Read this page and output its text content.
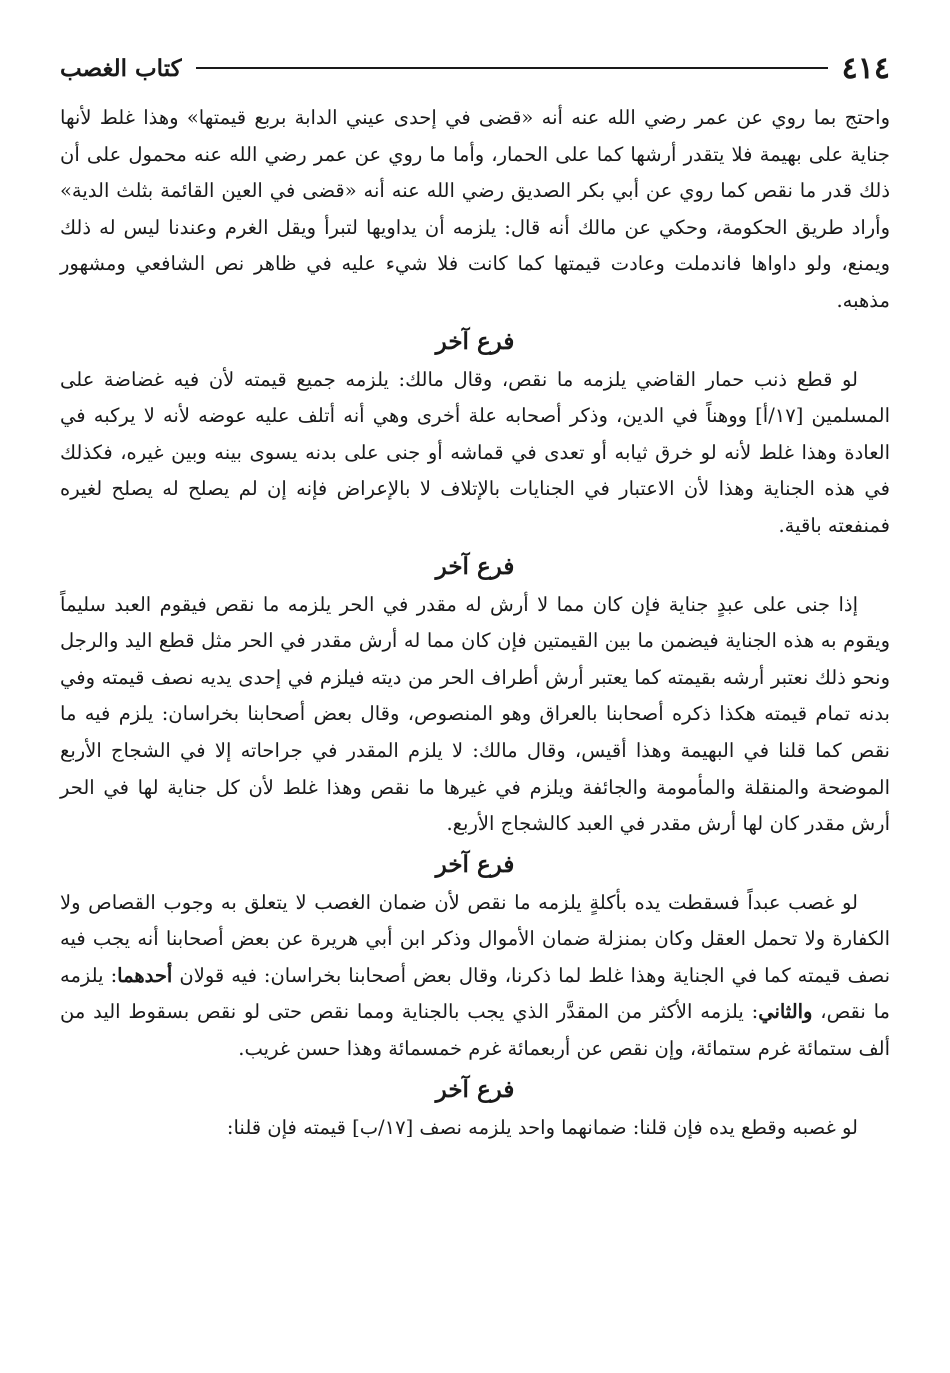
٤١٤
كتاب الغصب

واحتج بما روي عن عمر رضي الله عنه أنه «قضى في إحدى عيني الدابة بربع قيمتها» وهذا غلط لأنها جناية على بهيمة فلا يتقدر أرشها كما على الحمار، وأما ما روي عن عمر رضي الله عنه محمول على أن ذلك قدر ما نقص كما روي عن أبي بكر الصديق رضي الله عنه أنه «قضى في العين القائمة بثلث الدية» وأراد طريق الحكومة، وحكي عن مالك أنه قال: يلزمه أن يداويها لتبرأ ويقل الغرم وعندنا ليس له ذلك ويمنع، ولو داواها فاندملت وعادت قيمتها كما كانت فلا شيء عليه في ظاهر نص الشافعي ومشهور مذهبه.

فرع آخر

لو قطع ذنب حمار القاضي يلزمه ما نقص، وقال مالك: يلزمه جميع قيمته لأن فيه غضاضة على المسلمين [١٧/أ] ووهناً في الدين، وذكر أصحابه علة أخرى وهي أنه أتلف عليه عوضه لأنه لا يركبه في العادة وهذا غلط لأنه لو خرق ثيابه أو تعدى في قماشه أو جنى على بدنه يسوى بينه وبين غيره، فكذلك في هذه الجناية وهذا لأن الاعتبار في الجنايات بالإتلاف لا بالإعراض فإنه إن لم يصلح له يصلح لغيره فمنفعته باقية.

فرع آخر

إذا جنى على عبدٍ جناية فإن كان مما لا أرش له مقدر في الحر يلزمه ما نقص فيقوم العبد سليماً ويقوم به هذه الجناية فيضمن ما بين القيمتين فإن كان مما له أرش مقدر في الحر مثل قطع اليد والرجل ونحو ذلك نعتبر أرشه بقيمته كما يعتبر أرش أطراف الحر من ديته فيلزم في إحدى يديه نصف قيمته وفي بدنه تمام قيمته هكذا ذكره أصحابنا بالعراق وهو المنصوص، وقال بعض أصحابنا بخراسان: يلزم فيه ما نقص كما قلنا في البهيمة وهذا أقيس، وقال مالك: لا يلزم المقدر في جراحاته إلا في الشجاج الأربع الموضحة والمنقلة والمأمومة والجائفة ويلزم في غيرها ما نقص وهذا غلط لأن كل جناية لها في الحر أرش مقدر كان لها أرش مقدر في العبد كالشجاج الأربع.

فرع آخر

لو غصب عبداً فسقطت يده بأكلةٍ يلزمه ما نقص لأن ضمان الغصب لا يتعلق به وجوب القصاص ولا الكفارة ولا تحمل العقل وكان بمنزلة ضمان الأموال وذكر ابن أبي هريرة عن بعض أصحابنا أنه يجب فيه نصف قيمته كما في الجناية وهذا غلط لما ذكرنا، وقال بعض أصحابنا بخراسان: فيه قولان أحدهما: يلزمه ما نقص، والثاني: يلزمه الأكثر من المقدَّر الذي يجب بالجناية ومما نقص حتى لو نقص بسقوط اليد من ألف ستمائة غرم ستمائة، وإن نقص عن أربعمائة غرم خمسمائة وهذا حسن غريب.

فرع آخر

لو غصبه وقطع يده فإن قلنا: ضمانهما واحد يلزمه نصف [١٧/ب] قيمته فإن قلنا:
